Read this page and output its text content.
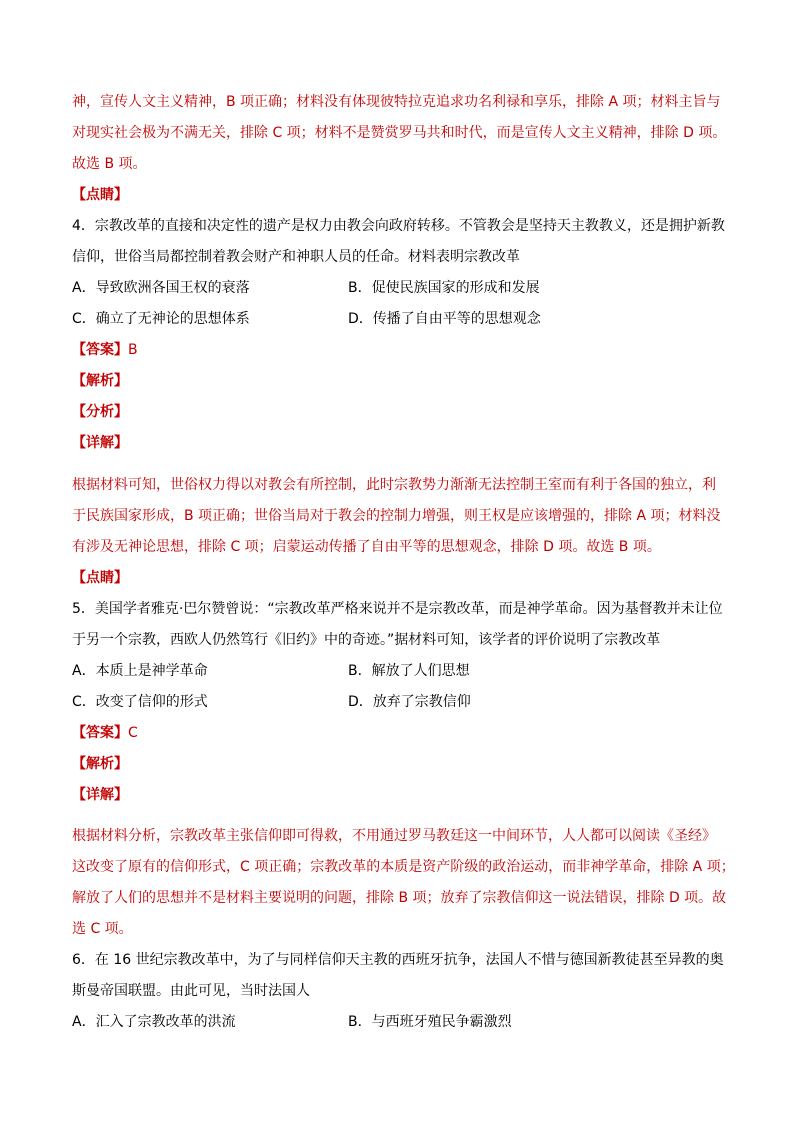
神，宣传人文主义精神，B 项正确；材料没有体现彼特拉克追求功名利禄和享乐，排除 A 项；材料主旨与
对现实社会极为不满无关，排除 C 项；材料不是赞赏罗马共和时代，而是宣传人文主义精神，排除 D 项。
故选 B 项。
【点睛】
4．宗教改革的直接和决定性的遗产是权力由教会向政府转移。不管教会是坚持天主教教义，还是拥护新教
信仰，世俗当局都控制着教会财产和神职人员的任命。材料表明宗教改革
A．导致欧洲各国王权的衰落	B．促使民族国家的形成和发展
C．确立了无神论的思想体系	D．传播了自由平等的思想观念
【答案】B
【解析】
【分析】
【详解】
根据材料可知，世俗权力得以对教会有所控制，此时宗教势力渐渐无法控制王室而有利于各国的独立，利
于民族国家形成，B 项正确；世俗当局对于教会的控制力增强，则王权是应该增强的，排除 A 项；材料没
有涉及无神论思想，排除 C 项；启蒙运动传播了自由平等的思想观念，排除 D 项。故选 B 项。
【点睛】
5．美国学者雅克·巴尔赞曾说：“宗教改革严格来说并不是宗教改革，而是神学革命。因为基督教并未让位
于另一个宗教，西欧人仍然笃行《旧约》中的奇迹。”据材料可知，该学者的评价说明了宗教改革
A．本质上是神学革命	B．解放了人们思想
C．改变了信仰的形式	D．放弃了宗教信仰
【答案】C
【解析】
【详解】
根据材料分析，宗教改革主张信仰即可得救，不用通过罗马教廷这一中间环节，人人都可以阅读《圣经》
这改变了原有的信仰形式，C 项正确；宗教改革的本质是资产阶级的政治运动，而非神学革命，排除 A 项；
解放了人们的思想并不是材料主要说明的问题，排除 B 项；放弃了宗教信仰这一说法错误，排除 D 项。故
选 C 项。
6．在 16 世纪宗教改革中，为了与同样信仰天主教的西班牙抗争，法国人不惜与德国新教徒甚至异教的奥
斯曼帝国联盟。由此可见，当时法国人
A．汇入了宗教改革的洪流	B．与西班牙殖民争霸激烈
